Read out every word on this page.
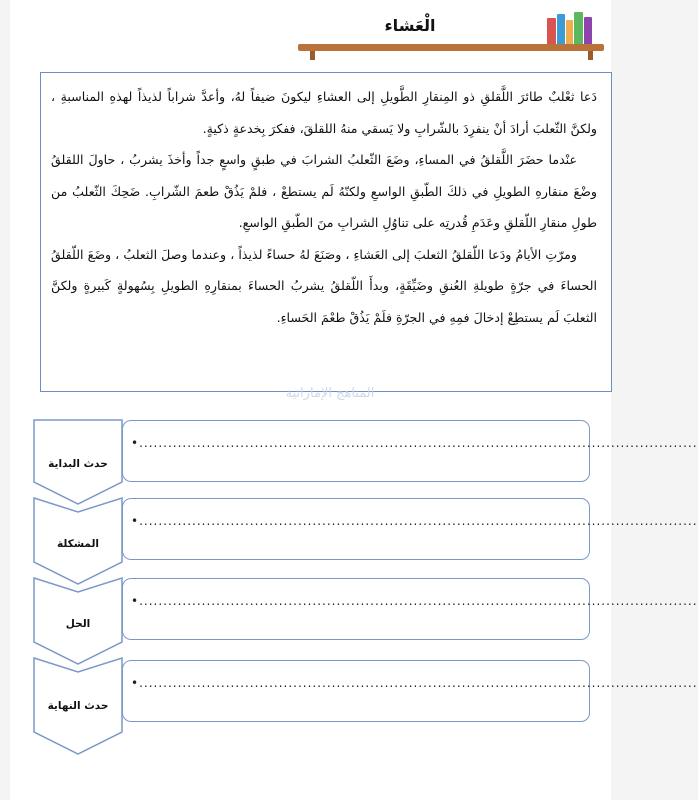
الْعَشاء

دَعا ثعْلبٌ طائرَ اللَّقلقِ ذو المِنقارِ الطَّويلِ إلى العشاءِ ليكونَ ضيفاً لهُ، وأعدَّ شراباً لذيذاً لهذهِ المناسبةِ ، ولكنَّ الثّعلبَ أرادَ أنْ ينفرِدَ بالشّرابِ ولا يَسقي منهُ اللقلقَ، ففكرَ بِخدعةٍ ذكيةٍ.

عنْدما حضَرَ اللَّقلقُ في المساءِ، وضَعَ الثّعلبُ الشرابَ في طبقٍ واسعٍ جداً وأخذَ يشربُ ، حاولَ اللقلقُ وضْعَ منقارهِ الطويلِ في ذلكَ الطّبقِ الواسعِ ولكنّهُ لَم يستطعْ ، فلمْ يَذُقْ طعمَ الشّرابِ. ضَحِكَ الثّعلبُ من طولِ منقارِ اللّقلقِ وعَدَمِ قُدرتِه على تناوُلِ الشرابِ منَ الطّبقِ الواسعِ.

ومرّتِ الأيامُ ودَعا اللّقلقُ الثعلبَ إلى العَشاءِ ، وصَنَعَ لهُ حساءً لذيذاً ، وعندما وصلَ الثعلبُ ، وضَعَ اللّقلقُ الحساءَ في جرّةٍ طويلةِ العُنقِ وضَيِّقَةٍ، وبدأَ اللّقلقُ يشربُ الحساءَ بمنقارِهِ الطويلِ بِسُهولةٍ كَبيرةٍ ولكنَّ الثعلبَ لَم يستطِعْ إدخالَ فمِهِ في الجرّةِ فلَمْ يَذُقْ طعْمَ الحَساءِ.

المناهج الإماراتية
حدث البداية
•....................................................................................................................
المشكلة
•....................................................................................................................
الحل
•....................................................................................................................
حدث النهاية
•....................................................................................................................
